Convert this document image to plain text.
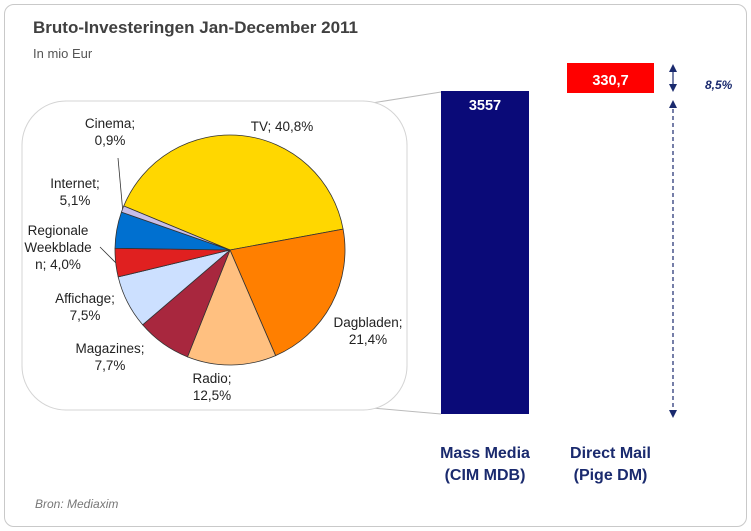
Bruto-Investeringen Jan-December 2011
In mio Eur
Bron: Mediaxim
TV; 40,8%
Dagbladen; 21,4%
Radio; 12,5%
Magazines; 7,7%
Affichage; 7,5%
Regionale Weekblade n; 4,0%
Internet; 5,1%
Cinema; 0,9%
3557
Mass Media (CIM MDB)
330,7
Direct Mail (Pige DM)
8,5%
